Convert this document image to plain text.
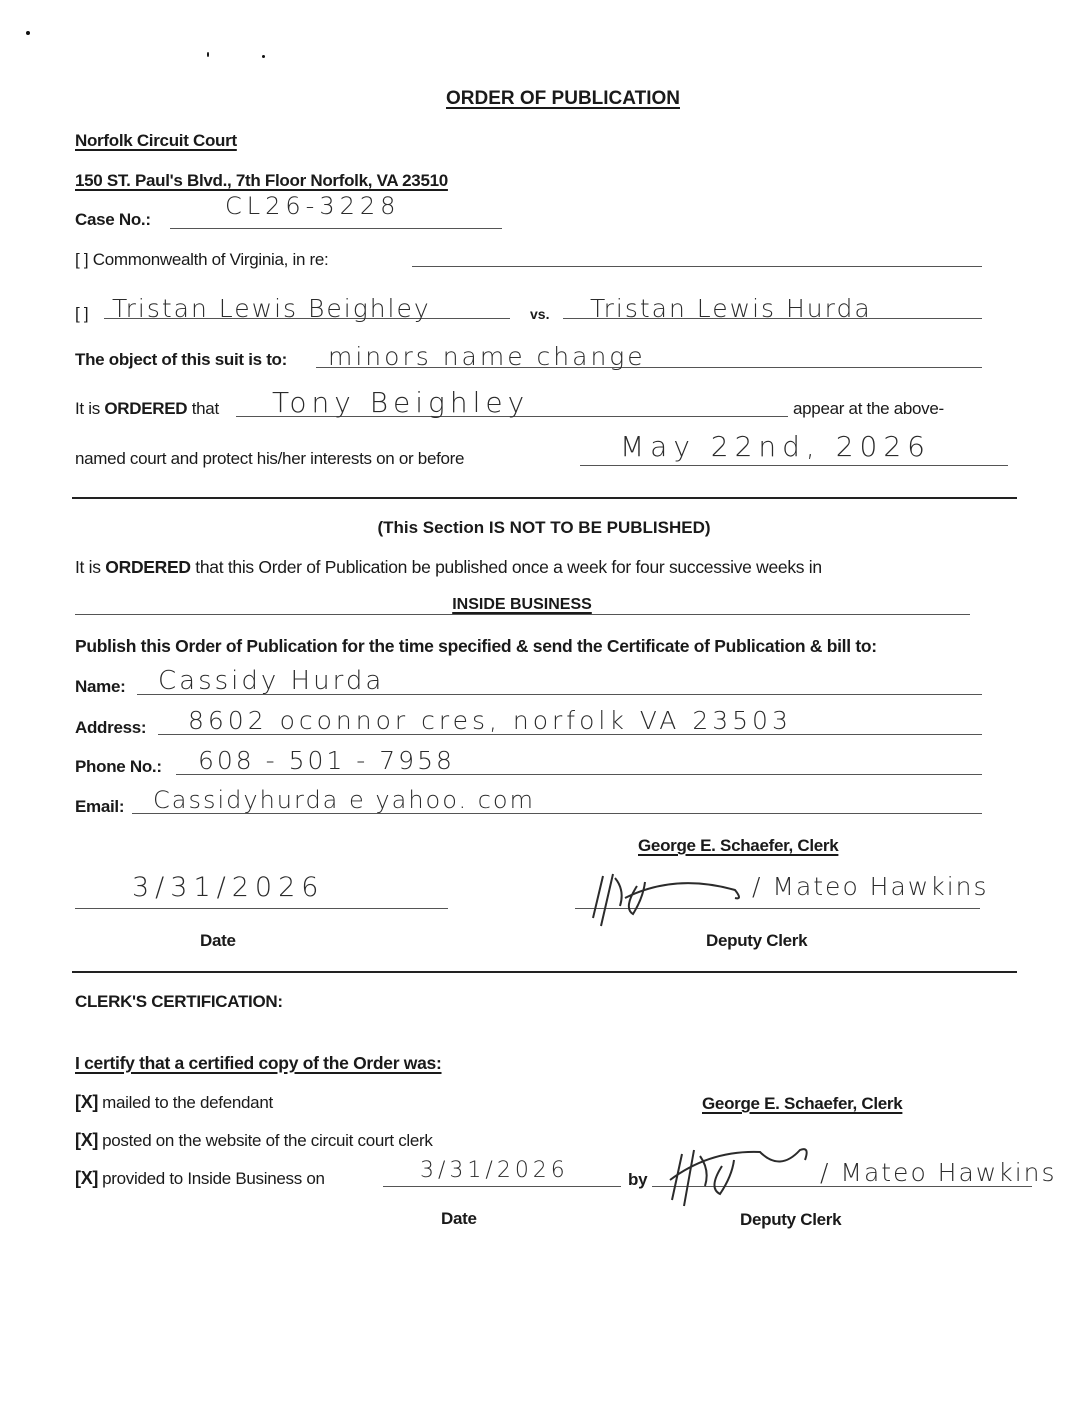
ORDER OF PUBLICATION
Norfolk Circuit Court
150 ST. Paul's Blvd., 7th Floor Norfolk, VA 23510
Case No.:	CL26-3228
[ ] Commonwealth of Virginia, in re:
[ ] Tristan Lewis Beighley	vs. Tristan Lewis Hurda
The object of this suit is to: minors name change
It is ORDERED that Tony Beighley	appear at the above-
named court and protect his/her interests on or before	May 22nd, 2026
(This Section IS NOT TO BE PUBLISHED)
It is ORDERED that this Order of Publication be published once a week for four successive weeks in
INSIDE BUSINESS
Publish this Order of Publication for the time specified & send the Certificate of Publication & bill to:
Name: Cassidy Hurda
Address: 8602 oconnor cres, norfolk VA 23503
Phone No.: 608 - 501 - 7958
Email: Cassidyhurda e yahoo. com
George E. Schaefer, Clerk
3/31/2026
Date
/ Mateo Hawkins
Deputy Clerk
CLERK'S CERTIFICATION:
I certify that a certified copy of the Order was:
[X] mailed to the defendant
[X] posted on the website of the circuit court clerk
[X] provided to Inside Business on	3/31/2026	by
George E. Schaefer, Clerk
/ Mateo Hawkins
Date	Deputy Clerk
